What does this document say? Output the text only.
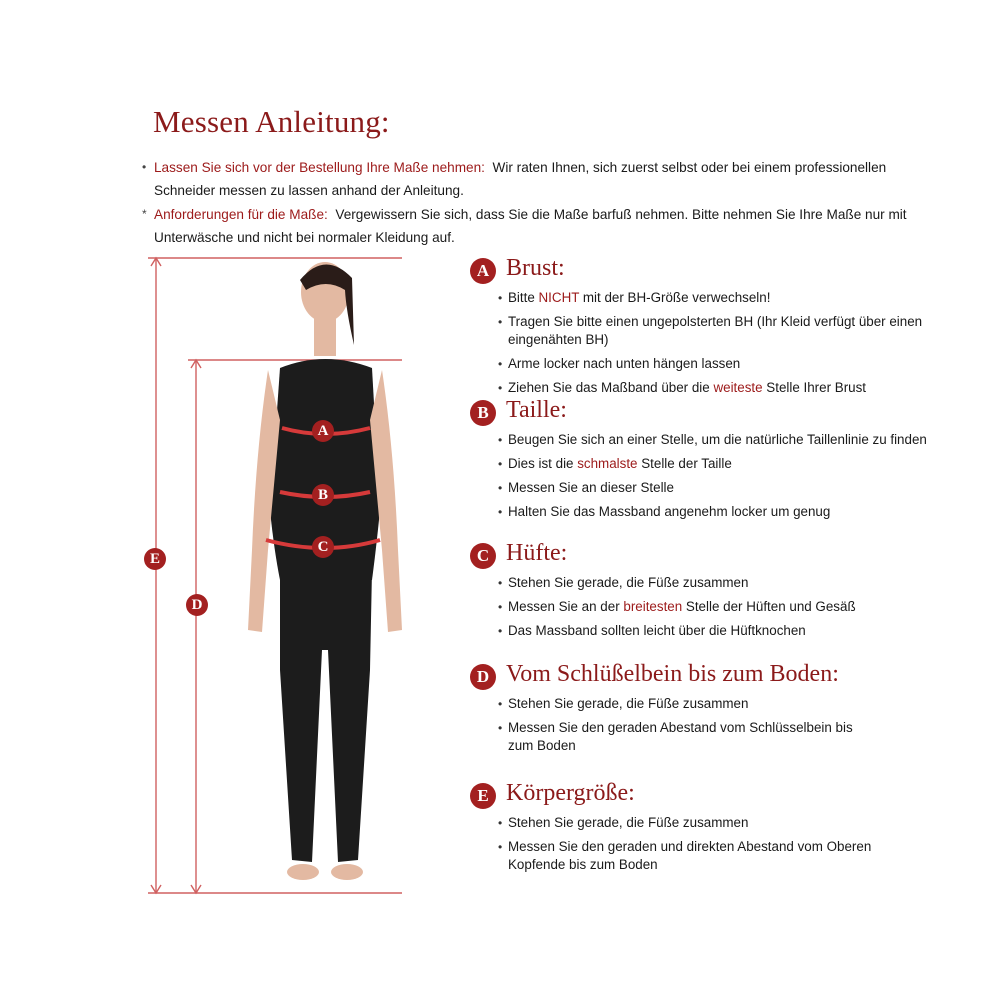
Messen Anleitung:
• Lassen Sie sich vor der Bestellung Ihre Maße nehmen: Wir raten Ihnen, sich zuerst selbst oder bei einem professionellen Schneider messen zu lassen anhand der Anleitung.
* Anforderungen für die Maße: Vergewissern Sie sich, dass Sie die Maße barfuß nehmen. Bitte nehmen Sie Ihre Maße nur mit Unterwäsche und nicht bei normaler Kleidung auf.
A
B
C
D
E
A Brust:
• Bitte NICHT mit der BH-Größe verwechseln!
• Tragen Sie bitte einen ungepolsterten BH (Ihr Kleid verfügt über einen eingenähten BH)
• Arme locker nach unten hängen lassen
• Ziehen Sie das Maßband über die weiteste Stelle Ihrer Brust
B Taille:
• Beugen Sie sich an einer Stelle, um die natürliche Taillenlinie zu finden
• Dies ist die schmalste Stelle der Taille
• Messen Sie an dieser Stelle
• Halten Sie das Massband angenehm locker um genug
C Hüfte:
• Stehen Sie gerade, die Füße zusammen
• Messen Sie an der breitesten Stelle der Hüften und Gesäß
• Das Massband sollten leicht über die Hüftknochen
D Vom Schlüßelbein bis zum Boden:
• Stehen Sie gerade, die Füße zusammen
• Messen Sie den geraden Abestand vom Schlüsselbein bis zum Boden
E Körpergröße:
• Stehen Sie gerade, die Füße zusammen
• Messen Sie den geraden und direkten Abestand vom Oberen Kopfende bis zum Boden
